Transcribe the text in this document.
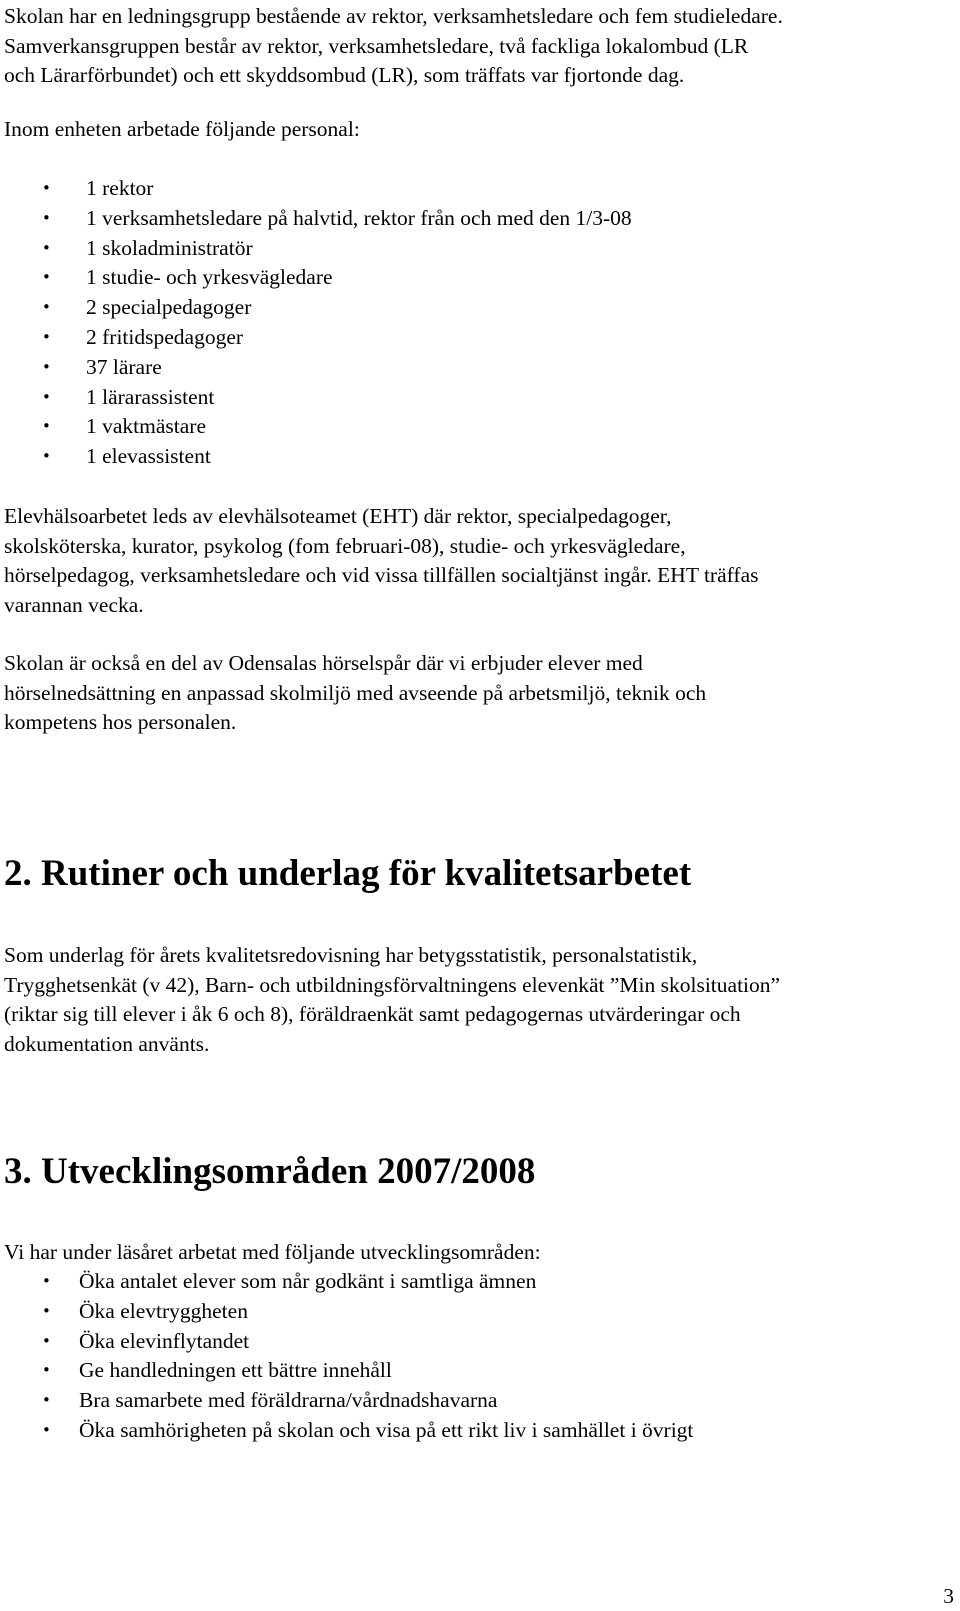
Skolan har en ledningsgrupp bestående av rektor, verksamhetsledare och fem studieledare.

Samverkansgruppen består av rektor, verksamhetsledare, två fackliga lokalombud (LR

och Lärarförbundet) och ett skyddsombud (LR), som träffats var fjortonde dag.

Inom enheten arbetade följande personal:

• 1 rektor
• 1 verksamhetsledare på halvtid, rektor från och med den 1/3-08
• 1 skoladministratör
• 1 studie- och yrkesvägledare
• 2 specialpedagoger
• 2 fritidspedagoger
• 37 lärare
• 1 lärarassistent
• 1 vaktmästare
• 1 elevassistent

Elevhälsoarbetet leds av elevhälsoteamet (EHT) där rektor, specialpedagoger,

skolsköterska, kurator, psykolog (fom februari-08), studie- och yrkesvägledare,

hörselpedagog, verksamhetsledare och vid vissa tillfällen socialtjänst ingår. EHT träffas

varannan vecka.

Skolan är också en del av Odensalas hörselspår där vi erbjuder elever med

hörselnedsättning en anpassad skolmiljö med avseende på arbetsmiljö, teknik och

kompetens hos personalen.

2. Rutiner och underlag för kvalitetsarbetet

Som underlag för årets kvalitetsredovisning har betygsstatistik, personalstatistik,

Trygghetsenkät (v 42), Barn- och utbildningsförvaltningens elevenkät ”Min skolsituation”

(riktar sig till elever i åk 6 och 8), föräldraenkät samt pedagogernas utvärderingar och

dokumentation använts.

3. Utvecklingsområden 2007/2008

Vi har under läsåret arbetat med följande utvecklingsområden:

• Öka antalet elever som når godkänt i samtliga ämnen
• Öka elevtryggheten
• Öka elevinflytandet
• Ge handledningen ett bättre innehåll
• Bra samarbete med föräldrarna/vårdnadshavarna
• Öka samhörigheten på skolan och visa på ett rikt liv i samhället i övrigt
3
